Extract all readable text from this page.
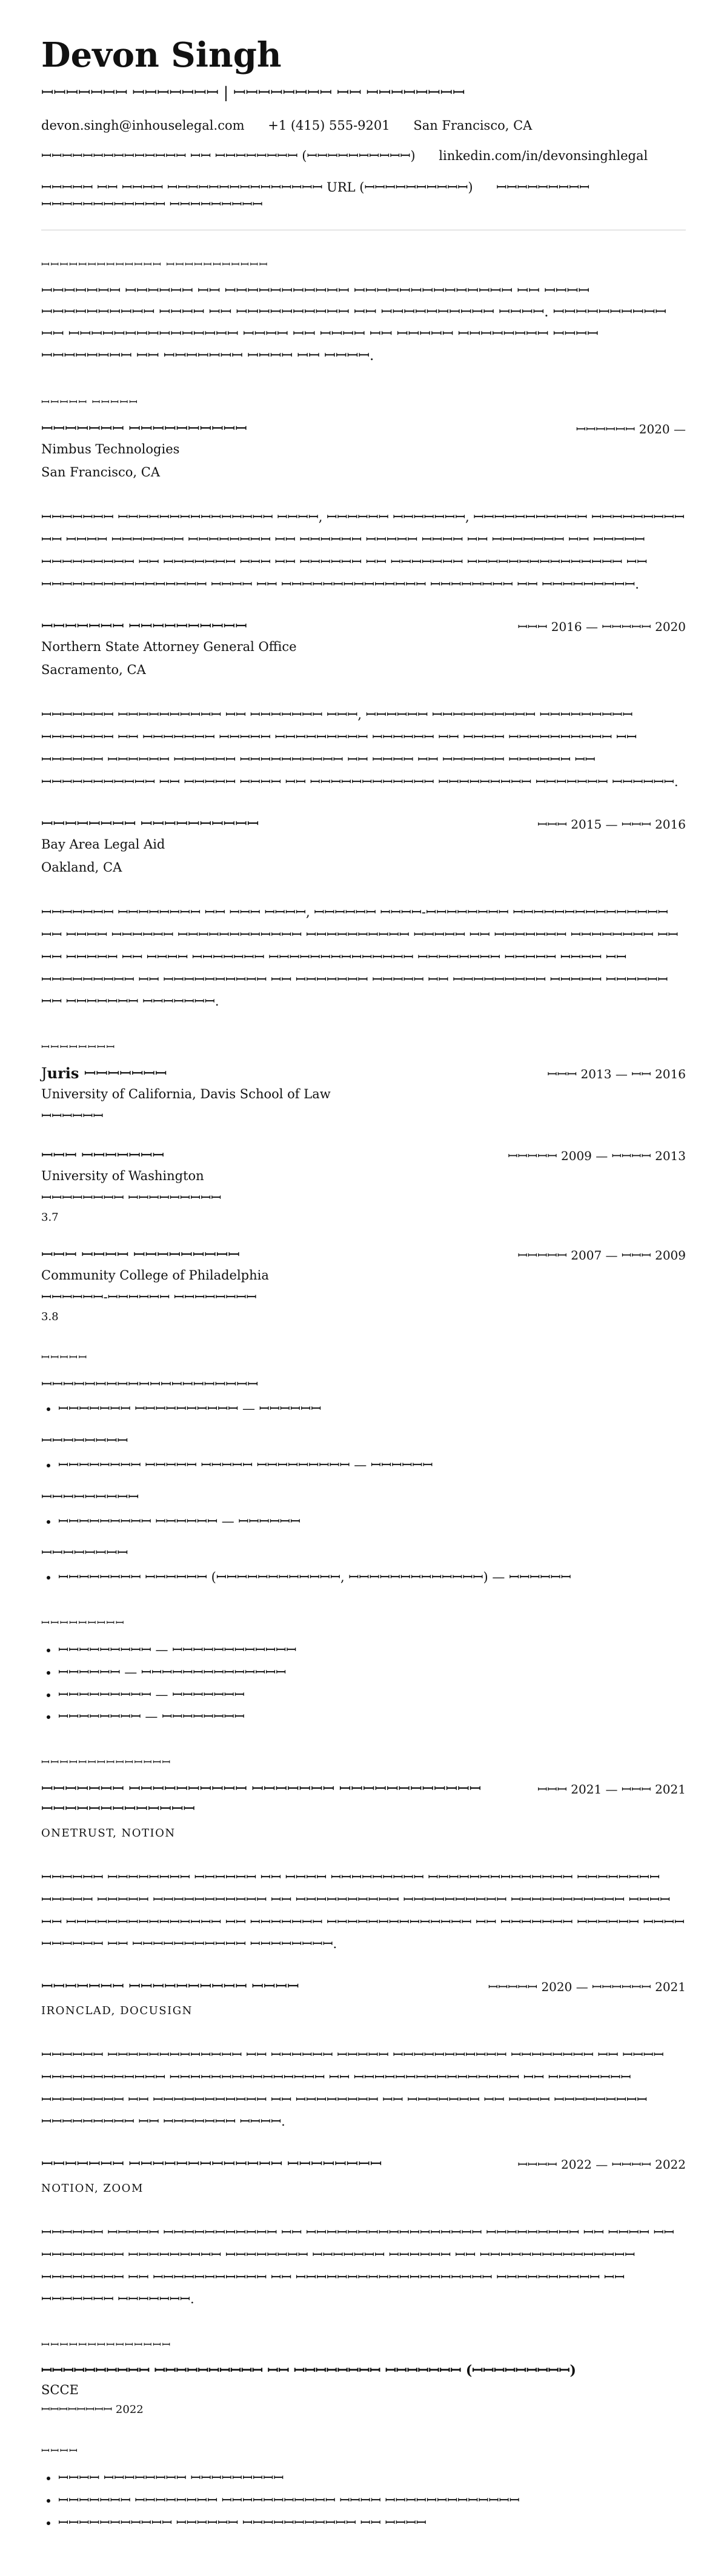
Devon Singh
ꟷꟷꟷꟷꟷꟷꟷ ꟷꟷꟷꟷꟷꟷꟷ | ꟷꟷꟷꟷꟷꟷꟷꟷ ꟷꟷ ꟷꟷꟷꟷꟷꟷꟷꟷ
devon.singh@inhouselegal.com +1 (415) 555-9201 San Francisco, CA
ꟷꟷꟷꟷꟷꟷꟷꟷꟷꟷꟷꟷꟷꟷ ꟷꟷ ꟷꟷꟷꟷꟷꟷꟷꟷ (ꟷꟷꟷꟷꟷꟷꟷꟷꟷꟷ) linkedin.com/in/devonsinghlegal
ꟷꟷꟷꟷꟷ ꟷꟷ ꟷꟷꟷꟷ ꟷꟷꟷꟷꟷꟷꟷꟷꟷꟷꟷꟷꟷꟷꟷ URL (ꟷꟷꟷꟷꟷꟷꟷꟷꟷꟷ) ꟷꟷꟷꟷꟷꟷꟷꟷꟷ ꟷꟷꟷꟷꟷꟷꟷꟷꟷꟷꟷꟷ ꟷꟷꟷꟷꟷꟷꟷꟷꟷ
ꟷꟷꟷꟷꟷꟷꟷꟷꟷꟷꟷꟷꟷ ꟷꟷꟷꟷꟷꟷꟷꟷꟷꟷꟷ
ꟷꟷꟷꟷꟷꟷꟷ ꟷꟷꟷꟷꟷꟷ ꟷꟷ ꟷꟷꟷꟷꟷꟷꟷꟷꟷꟷꟷ ꟷꟷꟷꟷꟷꟷꟷꟷꟷꟷꟷꟷꟷꟷ ꟷꟷ ꟷꟷꟷꟷ ꟷꟷꟷꟷꟷꟷꟷꟷꟷꟷ ꟷꟷꟷꟷ ꟷꟷ ꟷꟷꟷꟷꟷꟷꟷꟷꟷꟷ ꟷꟷ ꟷꟷꟷꟷꟷꟷꟷꟷꟷꟷ ꟷꟷꟷꟷ. ꟷꟷꟷꟷꟷꟷꟷꟷꟷꟷ ꟷꟷ ꟷꟷꟷꟷꟷꟷꟷꟷꟷꟷꟷꟷꟷꟷꟷ ꟷꟷꟷꟷ ꟷꟷ ꟷꟷꟷꟷ ꟷꟷ ꟷꟷꟷꟷꟷ ꟷꟷꟷꟷꟷꟷꟷꟷ ꟷꟷꟷꟷ ꟷꟷꟷꟷꟷꟷꟷꟷ ꟷꟷ ꟷꟷꟷꟷꟷꟷꟷ ꟷꟷꟷꟷ ꟷꟷ ꟷꟷꟷꟷ.
ꟷꟷꟷꟷꟷ ꟷꟷꟷꟷꟷ
ꟷꟷꟷꟷꟷꟷꟷ ꟷꟷꟷꟷꟷꟷꟷꟷꟷꟷ	ꟷꟷꟷꟷꟷꟷ 2020 —
Nimbus Technologies
San Francisco, CA
ꟷꟷꟷꟷꟷꟷꟷ ꟷꟷꟷꟷꟷꟷꟷꟷꟷꟷꟷꟷꟷꟷꟷ ꟷꟷꟷꟷ, ꟷꟷꟷꟷꟷꟷ ꟷꟷꟷꟷꟷꟷꟷ, ꟷꟷꟷꟷꟷꟷꟷꟷꟷꟷꟷ ꟷꟷꟷꟷꟷꟷꟷꟷꟷ ꟷꟷ ꟷꟷꟷꟷ ꟷꟷꟷꟷꟷꟷꟷ ꟷꟷꟷꟷꟷꟷꟷꟷ ꟷꟷ ꟷꟷꟷꟷꟷꟷ ꟷꟷꟷꟷꟷ ꟷꟷꟷꟷ ꟷꟷ ꟷꟷꟷꟷꟷꟷꟷ ꟷꟷ ꟷꟷꟷꟷꟷ ꟷꟷꟷꟷꟷꟷꟷꟷꟷ ꟷꟷ ꟷꟷꟷꟷꟷꟷꟷ ꟷꟷꟷ ꟷꟷ ꟷꟷꟷꟷꟷꟷ ꟷꟷ ꟷꟷꟷꟷꟷꟷꟷ ꟷꟷꟷꟷꟷꟷꟷꟷꟷꟷꟷꟷꟷꟷꟷ ꟷꟷ ꟷꟷꟷꟷꟷꟷꟷꟷꟷꟷꟷꟷꟷꟷꟷꟷ ꟷꟷꟷꟷ ꟷꟷ ꟷꟷꟷꟷꟷꟷꟷꟷꟷꟷꟷꟷꟷꟷ ꟷꟷꟷꟷꟷꟷꟷꟷ ꟷꟷ ꟷꟷꟷꟷꟷꟷꟷꟷꟷ.
ꟷꟷꟷꟷꟷꟷꟷ ꟷꟷꟷꟷꟷꟷꟷꟷꟷꟷ	ꟷꟷꟷ 2016 — ꟷꟷꟷꟷꟷ 2020
Northern State Attorney General Office
Sacramento, CA
ꟷꟷꟷꟷꟷꟷꟷ ꟷꟷꟷꟷꟷꟷꟷꟷꟷꟷ ꟷꟷ ꟷꟷꟷꟷꟷꟷꟷ ꟷꟷꟷ, ꟷꟷꟷꟷꟷꟷ ꟷꟷꟷꟷꟷꟷꟷꟷꟷꟷ ꟷꟷꟷꟷꟷꟷꟷꟷꟷ ꟷꟷꟷꟷꟷꟷꟷ ꟷꟷ ꟷꟷꟷꟷꟷꟷꟷ ꟷꟷꟷꟷꟷ ꟷꟷꟷꟷꟷꟷꟷꟷꟷ ꟷꟷꟷꟷꟷꟷ ꟷꟷ ꟷꟷꟷꟷ ꟷꟷꟷꟷꟷꟷꟷꟷꟷꟷ ꟷꟷ ꟷꟷꟷꟷꟷꟷ ꟷꟷꟷꟷꟷꟷ ꟷꟷꟷꟷꟷꟷ ꟷꟷꟷꟷꟷꟷꟷꟷꟷꟷ ꟷꟷ ꟷꟷꟷꟷ ꟷꟷ ꟷꟷꟷꟷꟷꟷ ꟷꟷꟷꟷꟷꟷ ꟷꟷ ꟷꟷꟷꟷꟷꟷꟷꟷꟷꟷꟷ ꟷꟷ ꟷꟷꟷꟷꟷ ꟷꟷꟷꟷ ꟷꟷ ꟷꟷꟷꟷꟷꟷꟷꟷꟷꟷꟷꟷ ꟷꟷꟷꟷꟷꟷꟷꟷꟷ ꟷꟷꟷꟷꟷꟷꟷ ꟷꟷꟷꟷꟷꟷ.
ꟷꟷꟷꟷꟷꟷꟷꟷ ꟷꟷꟷꟷꟷꟷꟷꟷꟷꟷ	ꟷꟷꟷ 2015 — ꟷꟷꟷ 2016
Bay Area Legal Aid
Oakland, CA
ꟷꟷꟷꟷꟷꟷꟷ ꟷꟷꟷꟷꟷꟷꟷꟷ ꟷꟷ ꟷꟷꟷ ꟷꟷꟷꟷ, ꟷꟷꟷꟷꟷꟷ ꟷꟷꟷꟷ-ꟷꟷꟷꟷꟷꟷꟷꟷ ꟷꟷꟷꟷꟷꟷꟷꟷꟷꟷꟷꟷꟷꟷꟷ ꟷꟷ ꟷꟷꟷꟷ ꟷꟷꟷꟷꟷꟷ ꟷꟷꟷꟷꟷꟷꟷꟷꟷꟷꟷꟷ ꟷꟷꟷꟷꟷꟷꟷꟷꟷꟷ ꟷꟷꟷꟷꟷ ꟷꟷ ꟷꟷꟷꟷꟷꟷꟷ ꟷꟷꟷꟷꟷꟷꟷꟷ ꟷꟷ ꟷꟷ ꟷꟷꟷꟷꟷ ꟷꟷ ꟷꟷꟷꟷ ꟷꟷꟷꟷꟷꟷꟷ ꟷꟷꟷꟷꟷꟷꟷꟷꟷꟷꟷꟷꟷꟷ ꟷꟷꟷꟷꟷꟷꟷꟷ ꟷꟷꟷꟷꟷ ꟷꟷꟷꟷ ꟷꟷ ꟷꟷꟷꟷꟷꟷꟷꟷꟷ ꟷꟷ ꟷꟷꟷꟷꟷꟷꟷꟷꟷꟷ ꟷꟷ ꟷꟷꟷꟷꟷꟷꟷ ꟷꟷꟷꟷꟷ ꟷꟷ ꟷꟷꟷꟷꟷꟷꟷꟷꟷ ꟷꟷꟷꟷꟷ ꟷꟷꟷꟷꟷꟷ ꟷꟷ ꟷꟷꟷꟷꟷꟷꟷ ꟷꟷꟷꟷꟷꟷꟷ.
ꟷꟷꟷꟷꟷꟷꟷꟷ
Juris ꟷꟷꟷꟷꟷꟷꟷ	ꟷꟷꟷ 2013 — ꟷꟷ 2016
University of California, Davis School of Law
ꟷꟷꟷꟷꟷꟷ
ꟷꟷꟷ ꟷꟷꟷꟷꟷꟷꟷ	ꟷꟷꟷꟷꟷ 2009 — ꟷꟷꟷꟷ 2013
University of Washington
ꟷꟷꟷꟷꟷꟷꟷꟷ ꟷꟷꟷꟷꟷꟷꟷꟷꟷ
3.7
ꟷꟷꟷ ꟷꟷꟷꟷ ꟷꟷꟷꟷꟷꟷꟷꟷꟷ	ꟷꟷꟷꟷꟷ 2007 — ꟷꟷꟷ 2009
Community College of Philadelphia
ꟷꟷꟷꟷꟷꟷ-ꟷꟷꟷꟷꟷꟷ ꟷꟷꟷꟷꟷꟷꟷꟷ
3.8
ꟷꟷꟷꟷꟷ
ꟷꟷꟷꟷꟷꟷꟷꟷꟷꟷꟷꟷꟷꟷꟷꟷꟷꟷꟷꟷ
• ꟷꟷꟷꟷꟷꟷꟷ ꟷꟷꟷꟷꟷꟷꟷꟷꟷꟷ — ꟷꟷꟷꟷꟷꟷ
ꟷꟷꟷꟷꟷꟷꟷꟷ
• ꟷꟷꟷꟷꟷꟷꟷꟷ ꟷꟷꟷꟷꟷ ꟷꟷꟷꟷꟷ ꟷꟷꟷꟷꟷꟷꟷꟷꟷ — ꟷꟷꟷꟷꟷꟷ
ꟷꟷꟷꟷꟷꟷꟷꟷꟷ
• ꟷꟷꟷꟷꟷꟷꟷꟷꟷ ꟷꟷꟷꟷꟷꟷ — ꟷꟷꟷꟷꟷꟷ
ꟷꟷꟷꟷꟷꟷꟷꟷ
• ꟷꟷꟷꟷꟷꟷꟷꟷ ꟷꟷꟷꟷꟷꟷ (ꟷꟷꟷꟷꟷꟷꟷꟷꟷꟷꟷꟷ, ꟷꟷꟷꟷꟷꟷꟷꟷꟷꟷꟷꟷꟷ) — ꟷꟷꟷꟷꟷꟷ
ꟷꟷꟷꟷꟷꟷꟷꟷꟷ
• ꟷꟷꟷꟷꟷꟷꟷꟷꟷ — ꟷꟷꟷꟷꟷꟷꟷꟷꟷꟷꟷꟷ
• ꟷꟷꟷꟷꟷꟷ — ꟷꟷꟷꟷꟷꟷꟷꟷꟷꟷꟷꟷꟷꟷ
• ꟷꟷꟷꟷꟷꟷꟷꟷꟷ — ꟷꟷꟷꟷꟷꟷꟷ
• ꟷꟷꟷꟷꟷꟷꟷꟷ — ꟷꟷꟷꟷꟷꟷꟷꟷ
ꟷꟷꟷꟷꟷꟷꟷꟷꟷꟷꟷꟷꟷꟷ
ꟷꟷꟷꟷꟷꟷꟷ ꟷꟷꟷꟷꟷꟷꟷꟷꟷꟷ ꟷꟷꟷꟷꟷꟷꟷ ꟷꟷꟷꟷꟷꟷꟷꟷꟷꟷꟷꟷ ꟷꟷꟷꟷꟷꟷꟷꟷꟷꟷꟷꟷꟷ
ꟷꟷꟷ 2021 — ꟷꟷꟷ 2021
ONETRUST, NOTION
ꟷꟷꟷꟷꟷꟷ ꟷꟷꟷꟷꟷꟷꟷꟷ ꟷꟷꟷꟷꟷꟷ ꟷꟷ ꟷꟷꟷꟷ ꟷꟷꟷꟷꟷꟷꟷꟷꟷ ꟷꟷꟷꟷꟷꟷꟷꟷꟷꟷꟷꟷꟷꟷ ꟷꟷꟷꟷꟷꟷꟷꟷ ꟷꟷꟷꟷꟷ ꟷꟷꟷꟷꟷ ꟷꟷꟷꟷꟷꟷꟷꟷꟷꟷꟷ ꟷꟷ ꟷꟷꟷꟷꟷꟷꟷꟷꟷꟷ ꟷꟷꟷꟷꟷꟷꟷꟷꟷꟷ ꟷꟷꟷꟷꟷꟷꟷꟷꟷꟷꟷ ꟷꟷꟷꟷ ꟷꟷ ꟷꟷꟷꟷꟷꟷꟷꟷꟷꟷꟷꟷꟷꟷꟷ ꟷꟷ ꟷꟷꟷꟷꟷꟷꟷ ꟷꟷꟷꟷꟷꟷꟷꟷꟷꟷꟷꟷꟷꟷ ꟷꟷ ꟷꟷꟷꟷꟷꟷꟷ ꟷꟷꟷꟷꟷꟷ ꟷꟷꟷꟷ ꟷꟷꟷꟷꟷꟷ ꟷꟷ ꟷꟷꟷꟷꟷꟷꟷꟷꟷꟷꟷ ꟷꟷꟷꟷꟷꟷꟷꟷ.
ꟷꟷꟷꟷꟷꟷꟷ ꟷꟷꟷꟷꟷꟷꟷꟷꟷꟷ ꟷꟷꟷꟷ	ꟷꟷꟷꟷꟷ 2020 — ꟷꟷꟷꟷꟷꟷ 2021
IRONCLAD, DOCUSIGN
ꟷꟷꟷꟷꟷꟷ ꟷꟷꟷꟷꟷꟷꟷꟷꟷꟷꟷꟷꟷ ꟷꟷ ꟷꟷꟷꟷꟷꟷ ꟷꟷꟷꟷꟷ ꟷꟷꟷꟷꟷꟷꟷꟷꟷꟷꟷ ꟷꟷꟷꟷꟷꟷꟷꟷ ꟷꟷ ꟷꟷꟷꟷ ꟷꟷꟷꟷꟷꟷꟷꟷꟷꟷꟷꟷ ꟷꟷꟷꟷꟷꟷꟷꟷꟷꟷꟷꟷꟷꟷꟷ ꟷꟷ ꟷꟷꟷꟷꟷꟷꟷꟷꟷꟷꟷꟷꟷꟷꟷꟷ ꟷꟷ ꟷꟷꟷꟷꟷꟷꟷꟷ ꟷꟷꟷꟷꟷꟷꟷꟷ ꟷꟷ ꟷꟷꟷꟷꟷꟷꟷꟷꟷꟷꟷ ꟷꟷ ꟷꟷꟷꟷꟷꟷꟷꟷ ꟷꟷ ꟷꟷꟷꟷꟷꟷꟷ ꟷꟷ ꟷꟷꟷꟷ ꟷꟷꟷꟷꟷꟷꟷꟷꟷ ꟷꟷꟷꟷꟷꟷꟷꟷꟷ ꟷꟷ ꟷꟷꟷꟷꟷꟷꟷ ꟷꟷꟷꟷ.
ꟷꟷꟷꟷꟷꟷꟷ ꟷꟷꟷꟷꟷꟷꟷꟷꟷꟷꟷꟷꟷ ꟷꟷꟷꟷꟷꟷꟷꟷ	ꟷꟷꟷꟷ 2022 — ꟷꟷꟷꟷ 2022
NOTION, ZOOM
ꟷꟷꟷꟷꟷꟷ ꟷꟷꟷꟷꟷ ꟷꟷꟷꟷꟷꟷꟷꟷꟷꟷꟷ ꟷꟷ ꟷꟷꟷꟷꟷꟷꟷꟷꟷꟷꟷꟷꟷꟷꟷꟷꟷ ꟷꟷꟷꟷꟷꟷꟷꟷꟷ ꟷꟷ ꟷꟷꟷꟷ ꟷꟷ ꟷꟷꟷꟷꟷꟷꟷꟷ ꟷꟷꟷꟷꟷꟷꟷꟷꟷ ꟷꟷꟷꟷꟷꟷꟷꟷ ꟷꟷꟷꟷꟷꟷꟷ ꟷꟷꟷꟷꟷꟷ ꟷꟷ ꟷꟷꟷꟷꟷꟷꟷꟷꟷꟷꟷꟷꟷꟷꟷ ꟷꟷꟷꟷꟷꟷꟷꟷ ꟷꟷ ꟷꟷꟷꟷꟷꟷꟷꟷꟷꟷꟷ ꟷꟷ ꟷꟷꟷꟷꟷꟷꟷꟷꟷꟷꟷꟷꟷꟷꟷꟷꟷꟷꟷ ꟷꟷꟷꟷꟷꟷꟷꟷꟷꟷ ꟷꟷ ꟷꟷꟷꟷꟷꟷꟷ ꟷꟷꟷꟷꟷꟷꟷ.
ꟷꟷꟷꟷꟷꟷꟷꟷꟷꟷꟷꟷꟷꟷ
ꟷꟷꟷꟷꟷꟷꟷꟷꟷꟷ ꟷꟷꟷꟷꟷꟷꟷꟷꟷꟷ ꟷꟷ ꟷꟷꟷꟷꟷꟷꟷꟷ ꟷꟷꟷꟷꟷꟷꟷ (ꟷꟷꟷꟷꟷꟷꟷꟷꟷ)
SCCE
ꟷꟷꟷꟷꟷꟷꟷꟷ 2022
ꟷꟷꟷꟷ
• ꟷꟷꟷꟷ ꟷꟷꟷꟷꟷꟷꟷꟷ ꟷꟷꟷꟷꟷꟷꟷꟷꟷ
• ꟷꟷꟷꟷꟷꟷꟷ ꟷꟷꟷꟷꟷꟷꟷꟷ ꟷꟷꟷꟷꟷꟷꟷꟷꟷꟷꟷ ꟷꟷꟷꟷ ꟷꟷꟷꟷꟷꟷꟷꟷꟷꟷꟷꟷꟷ
• ꟷꟷꟷꟷꟷꟷꟷꟷꟷꟷꟷ ꟷꟷꟷꟷꟷꟷ ꟷꟷꟷꟷꟷꟷꟷꟷꟷꟷꟷ ꟷꟷ ꟷꟷꟷꟷ
